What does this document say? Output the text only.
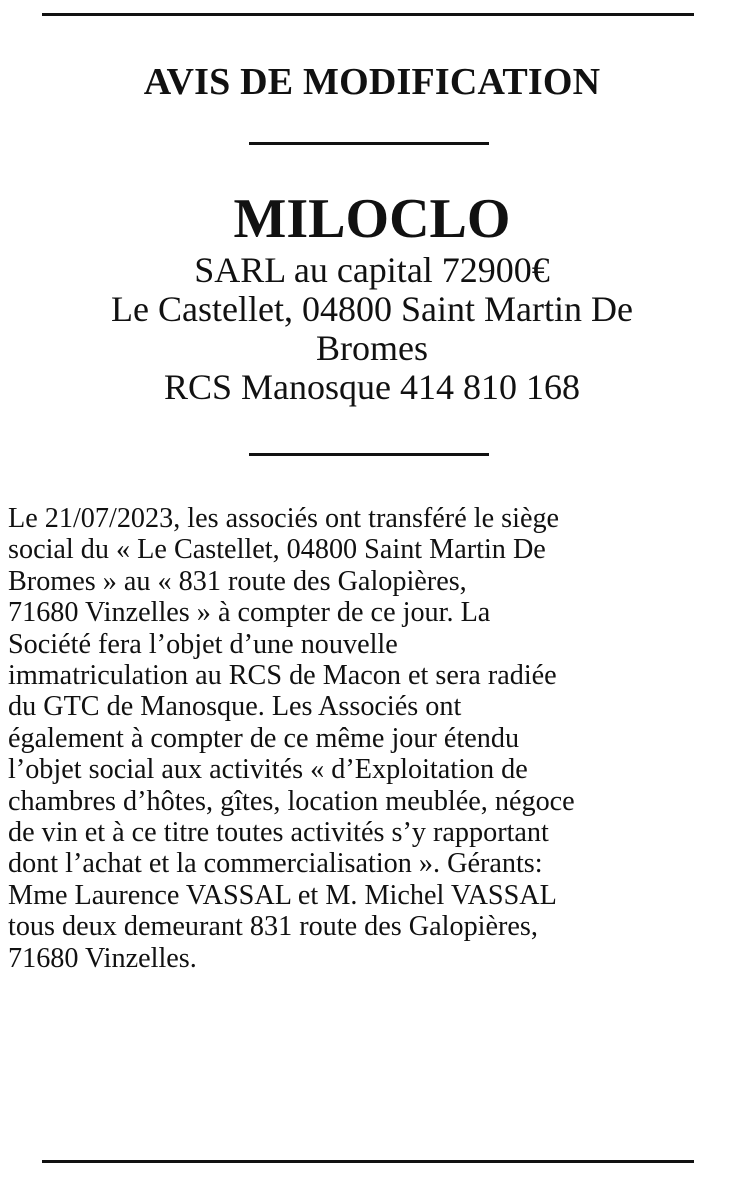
AVIS DE MODIFICATION
MILOCLO
SARL au capital 72900€
Le Castellet, 04800 Saint Martin De
Bromes
RCS Manosque 414 810 168
Le 21/07/2023, les associés ont transféré le siège
social du « Le Castellet, 04800 Saint Martin De
Bromes » au « 831 route des Galopières,
71680 Vinzelles » à compter de ce jour. La
Société fera l’objet d’une nouvelle
immatriculation au RCS de Macon et sera radiée
du GTC de Manosque. Les Associés ont
également à compter de ce même jour étendu
l’objet social aux activités « d’Exploitation de
chambres d’hôtes, gîtes, location meublée, négoce
de vin et à ce titre toutes activités s’y rapportant
dont l’achat et la commercialisation ». Gérants:
Mme Laurence VASSAL et M. Michel VASSAL
tous deux demeurant 831 route des Galopières,
71680 Vinzelles.
